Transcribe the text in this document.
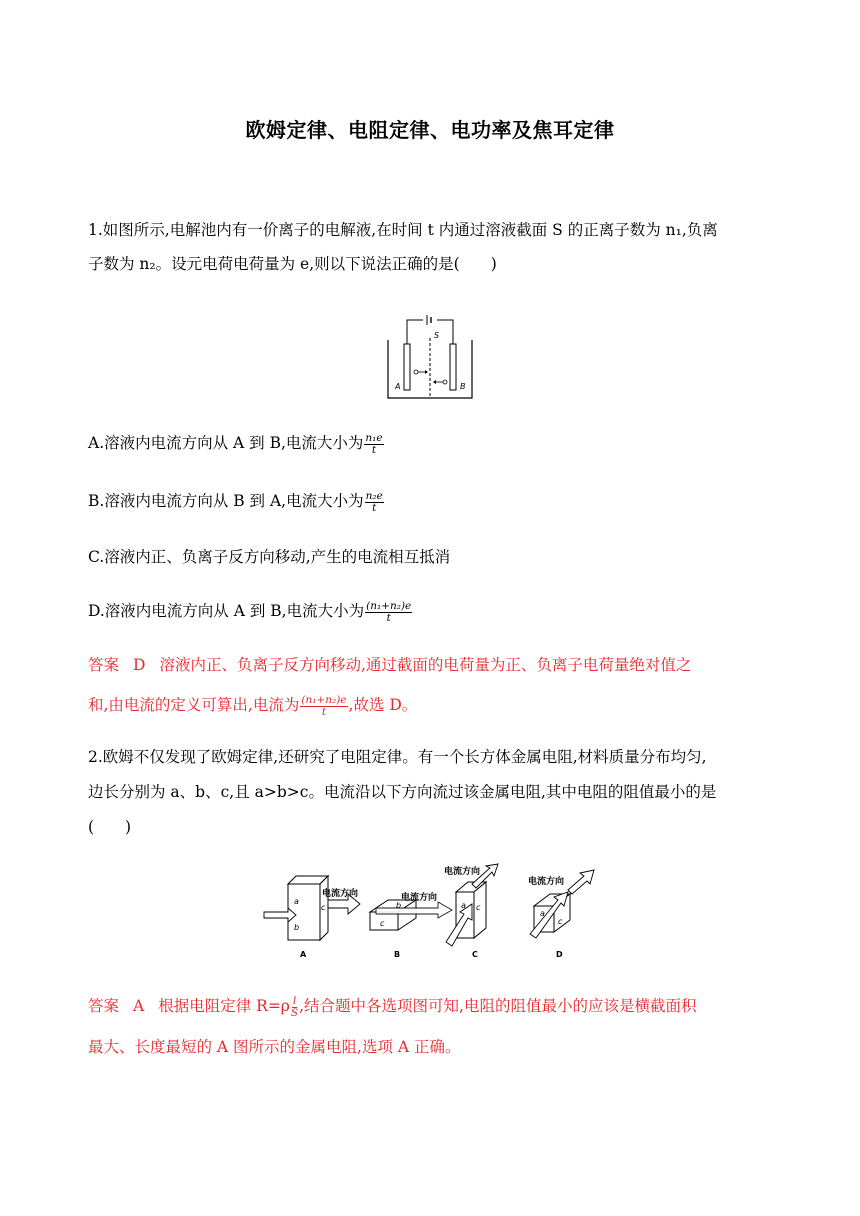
欧姆定律、电阻定律、电功率及焦耳定律
1.如图所示,电解池内有一价离子的电解液,在时间 t 内通过溶液截面 S 的正离子数为 n₁,负离
子数为 n₂。设元电荷电荷量为 e,则以下说法正确的是(　　)
S
A	B
A.溶液内电流方向从 A 到 B,电流大小为 $\frac{\text{n₁e}}{t}$
B.溶液内电流方向从 B 到 A,电流大小为 $\frac{\text{n₂e}}{t}$
C.溶液内正、负离子反方向移动,产生的电流相互抵消
D.溶液内电流方向从 A 到 B,电流大小为 $\frac{\text{(n₁+n₂)e}}{t}$
答案 D 溶液内正、负离子反方向移动,通过截面的电荷量为正、负离子电荷量绝对值之
和,由电流的定义可算出,电流为 $\frac{\text{(n₁+n₂)e}}{t}$ ,故选 D。
2.欧姆不仅发现了欧姆定律,还研究了电阻定律。有一个长方体金属电阻,材料质量分布均匀,
边长分别为 a、b、c,且 a>b>c。电流沿以下方向流过该金属电阻,其中电阻的阻值最小的是
(　　)
a
b
c
电流方向
A
c
b
电流方向
B
a c
电流方向
C
a
c
电流方向
D
答案 A 根据电阻定律 $R=\rho \frac{l}{S}$ ,结合题中各选项图可知,电阻的阻值最小的应该是横截面积
最大、长度最短的 A 图所示的金属电阻,选项 A 正确。
